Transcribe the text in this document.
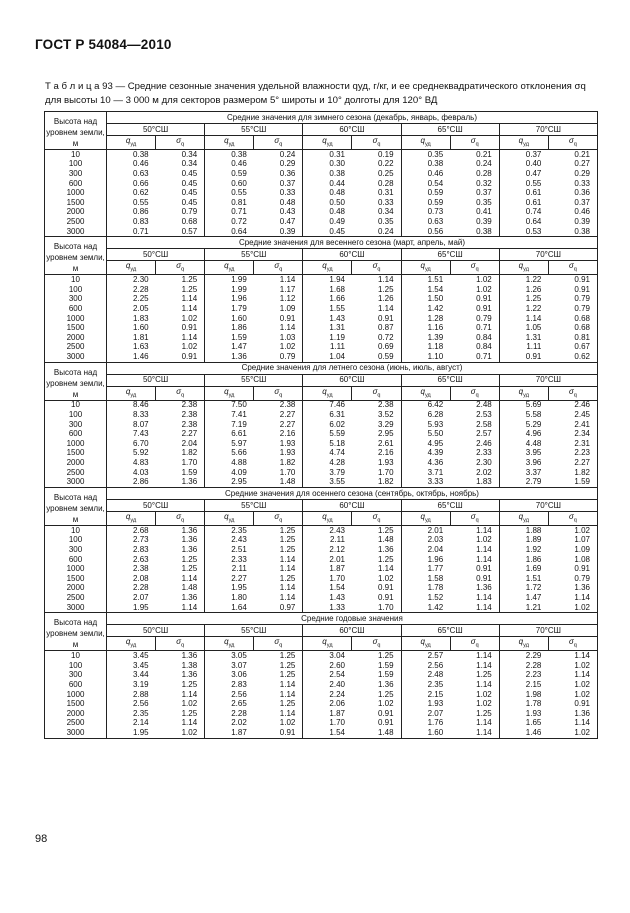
ГОСТ Р 54084—2010
Т а б л и ц а 93 — Средние сезонные значения удельной влажности qуд, г/кг, и ее среднеквадратического отклонения σq для высоты 10 — 3 000 м для секторов размером 5° широты и 10° долготы для 120° ВД
Высота над уровнем земли, м	Средние значения для зимнего сезона (декабрь, январь, февраль)									
	50°СШ		55°СШ		60°СШ		65°СШ		70°СШ	
	$q_{уд}$	$\sigma_q$	$q_{уд}$	$\sigma_q$	$q_{уд}$	$\sigma_q$	$q_{уд}$	$\sigma_q$	$q_{уд}$	$\sigma_q$
10	0.38	0.34	0.38	0.24	0.31	0.19	0.35	0.21	0.37	0.21
100	0.46	0.34	0.46	0.29	0.30	0.22	0.38	0.24	0.40	0.27
300	0.63	0.45	0.59	0.36	0.38	0.25	0.46	0.28	0.47	0.29
600	0.66	0.45	0.60	0.37	0.44	0.28	0.54	0.32	0.55	0.33
1000	0.62	0.45	0.55	0.33	0.48	0.31	0.59	0.37	0.61	0.36
1500	0.55	0.45	0.81	0.48	0.50	0.33	0.59	0.35	0.61	0.37
2000	0.86	0.79	0.71	0.43	0.48	0.34	0.73	0.41	0.74	0.46
2500	0.83	0.68	0.72	0.47	0.49	0.35	0.63	0.39	0.64	0.39
3000	0.71	0.57	0.64	0.39	0.45	0.24	0.56	0.38	0.53	0.38
Высота над уровнем земли, м	Средние значения для весеннего сезона (март, апрель, май)									
	50°СШ		55°СШ		60°СШ		65°СШ		70°СШ	
	$q_{уд}$	$\sigma_q$	$q_{уд}$	$\sigma_q$	$q_{уд}$	$\sigma_q$	$q_{уд}$	$\sigma_q$	$q_{уд}$	$\sigma_q$
10	2.30	1.25	1.99	1.14	1.94	1.14	1.51	1.02	1.22	0.91
100	2.28	1.25	1.99	1.17	1.68	1.25	1.54	1.02	1.26	0.91
300	2.25	1.14	1.96	1.12	1.66	1.26	1.50	0.91	1.25	0.79
600	2.05	1.14	1.79	1.09	1.55	1.14	1.42	0.91	1.22	0.79
1000	1.83	1.02	1.60	0.91	1.43	0.91	1.28	0.79	1.14	0.68
1500	1.60	0.91	1.86	1.14	1.31	0.87	1.16	0.71	1.05	0.68
2000	1.81	1.14	1.59	1.03	1.19	0.72	1.39	0.84	1.31	0.81
2500	1.63	1.02	1.47	1.02	1.11	0.69	1.18	0.84	1.11	0.67
3000	1.46	0.91	1.36	0.79	1.04	0.59	1.10	0.71	0.91	0.62
Высота над уровнем земли, м	Средние значения для летнего сезона (июнь, июль, август)									
	50°СШ		55°СШ		60°СШ		65°СШ		70°СШ	
	$q_{уд}$	$\sigma_q$	$q_{уд}$	$\sigma_q$	$q_{уд}$	$\sigma_q$	$q_{уд}$	$\sigma_q$	$q_{уд}$	$\sigma_q$
10	8.46	2.38	7.50	2.38	7.46	2.38	6.42	2.48	5.69	2.46
100	8.33	2.38	7.41	2.27	6.31	3.52	6.28	2.53	5.58	2.45
300	8.07	2.38	7.19	2.27	6.02	3.29	5.93	2.58	5.29	2.41
600	7.43	2.27	6.61	2.16	5.59	2.95	5.50	2.57	4.96	2.34
1000	6.70	2.04	5.97	1.93	5.18	2.61	4.95	2.46	4.48	2.31
1500	5.92	1.82	5.66	1.93	4.74	2.16	4.39	2.33	3.95	2.23
2000	4.83	1.70	4.88	1.82	4.28	1.93	4.36	2.30	3.96	2.27
2500	4.03	1.59	4.09	1.70	3.79	1.70	3.71	2.02	3.37	1.82
3000	2.86	1.36	2.95	1.48	3.55	1.82	3.33	1.83	2.79	1.59
Высота над уровнем земли, м	Средние значения для осеннего сезона (сентябрь, октябрь, ноябрь)									
	50°СШ		55°СШ		60°СШ		65°СШ		70°СШ	
	$q_{уд}$	$\sigma_q$	$q_{уд}$	$\sigma_q$	$q_{уд}$	$\sigma_q$	$q_{уд}$	$\sigma_q$	$q_{уд}$	$\sigma_q$
10	2.68	1.36	2.35	1.25	2.43	1.25	2.01	1.14	1.88	1.02
100	2.73	1.36	2.43	1.25	2.11	1.48	2.03	1.02	1.89	1.07
300	2.83	1.36	2.51	1.25	2.12	1.36	2.04	1.14	1.92	1.09
600	2.63	1.25	2.33	1.14	2.01	1.25	1.96	1.14	1.86	1.08
1000	2.38	1.25	2.11	1.14	1.87	1.14	1.77	0.91	1.69	0.91
1500	2.08	1.14	2.27	1.25	1.70	1.02	1.58	0.91	1.51	0.79
2000	2.28	1.48	1.95	1.14	1.54	0.91	1.78	1.36	1.72	1.36
2500	2.07	1.36	1.80	1.14	1.43	0.91	1.52	1.14	1.47	1.14
3000	1.95	1.14	1.64	0.97	1.33	1.70	1.42	1.14	1.21	1.02
Высота над уровнем земли, м	Средние годовые значения									
	50°СШ		55°СШ		60°СШ		65°СШ		70°СШ	
	$q_{уд}$	$\sigma_q$	$q_{уд}$	$\sigma_q$	$q_{уд}$	$\sigma_q$	$q_{уд}$	$\sigma_q$	$q_{уд}$	$\sigma_q$
10	3.45	1.36	3.05	1.25	3.04	1.25	2.57	1.14	2.29	1.14
100	3.45	1.38	3.07	1.25	2.60	1.59	2.56	1.14	2.28	1.02
300	3.44	1.36	3.06	1.25	2.54	1.59	2.48	1.25	2.23	1.14
600	3.19	1.25	2.83	1.14	2.40	1.36	2.35	1.14	2.15	1.02
1000	2.88	1.14	2.56	1.14	2.24	1.25	2.15	1.02	1.98	1.02
1500	2.56	1.02	2.65	1.25	2.06	1.02	1.93	1.02	1.78	0.91
2000	2.35	1.25	2.28	1.14	1.87	0.91	2.07	1.25	1.93	1.36
2500	2.14	1.14	2.02	1.02	1.70	0.91	1.76	1.14	1.65	1.14
3000	1.95	1.02	1.87	0.91	1.54	1.48	1.60	1.14	1.46	1.02
98
